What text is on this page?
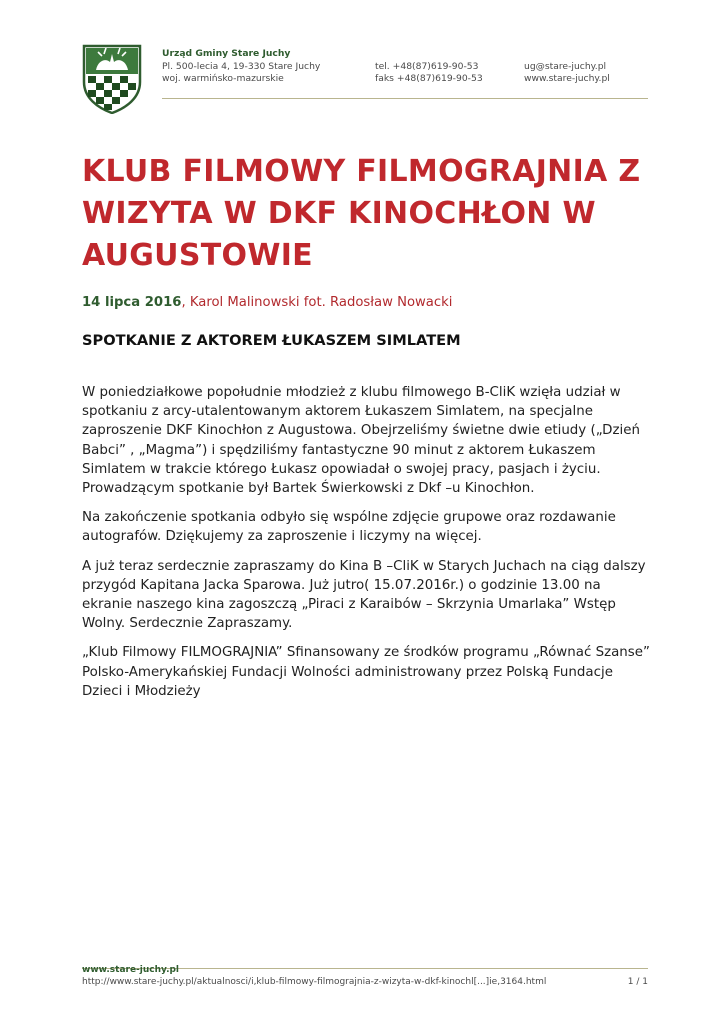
Urząd Gminy Stare Juchy
Pl. 500-lecia 4, 19-330 Stare Juchy
woj. warmińsko-mazurskie
tel. +48(87)619-90-53
faks +48(87)619-90-53
ug@stare-juchy.pl
www.stare-juchy.pl
KLUB FILMOWY FILMOGRAJNIA Z WIZYTA W DKF KINOCHŁON W AUGUSTOWIE
14 lipca 2016, Karol Malinowski fot. Radosław Nowacki
SPOTKANIE Z AKTOREM ŁUKASZEM SIMLATEM

W poniedziałkowe popołudnie młodzież z klubu filmowego B-CliK wzięła udział w spotkaniu z arcy-utalentowanym aktorem Łukaszem Simlatem, na specjalne zaproszenie DKF Kinochłon z Augustowa. Obejrzeliśmy świetne dwie etiudy („Dzień Babci” , „Magma”) i spędziliśmy fantastyczne 90 minut z aktorem Łukaszem Simlatem w trakcie którego Łukasz opowiadał o swojej pracy, pasjach i życiu. Prowadzącym spotkanie był Bartek Świerkowski z Dkf –u Kinochłon.

Na zakończenie spotkania odbyło się wspólne zdjęcie grupowe oraz rozdawanie autografów. Dziękujemy za zaproszenie i liczymy na więcej.

A już teraz serdecznie zapraszamy do Kina B –CliK w Starych Juchach na ciąg dalszy przygód Kapitana Jacka Sparowa. Już jutro( 15.07.2016r.) o godzinie 13.00 na ekranie naszego kina zagoszczą „Piraci z Karaibów – Skrzynia Umarlaka” Wstęp Wolny. Serdecznie Zapraszamy.

„Klub Filmowy FILMOGRAJNIA” Sfinansowany ze środków programu „Równać Szanse” Polsko-Amerykańskiej Fundacji Wolności administrowany przez Polską Fundacje Dzieci i Młodzieży

www.stare-juchy.pl
http://www.stare-juchy.pl/aktualnosci/i,klub-filmowy-filmograjnia-z-wizyta-w-dkf-kinochl[...]ie,3164.html	1 / 1
